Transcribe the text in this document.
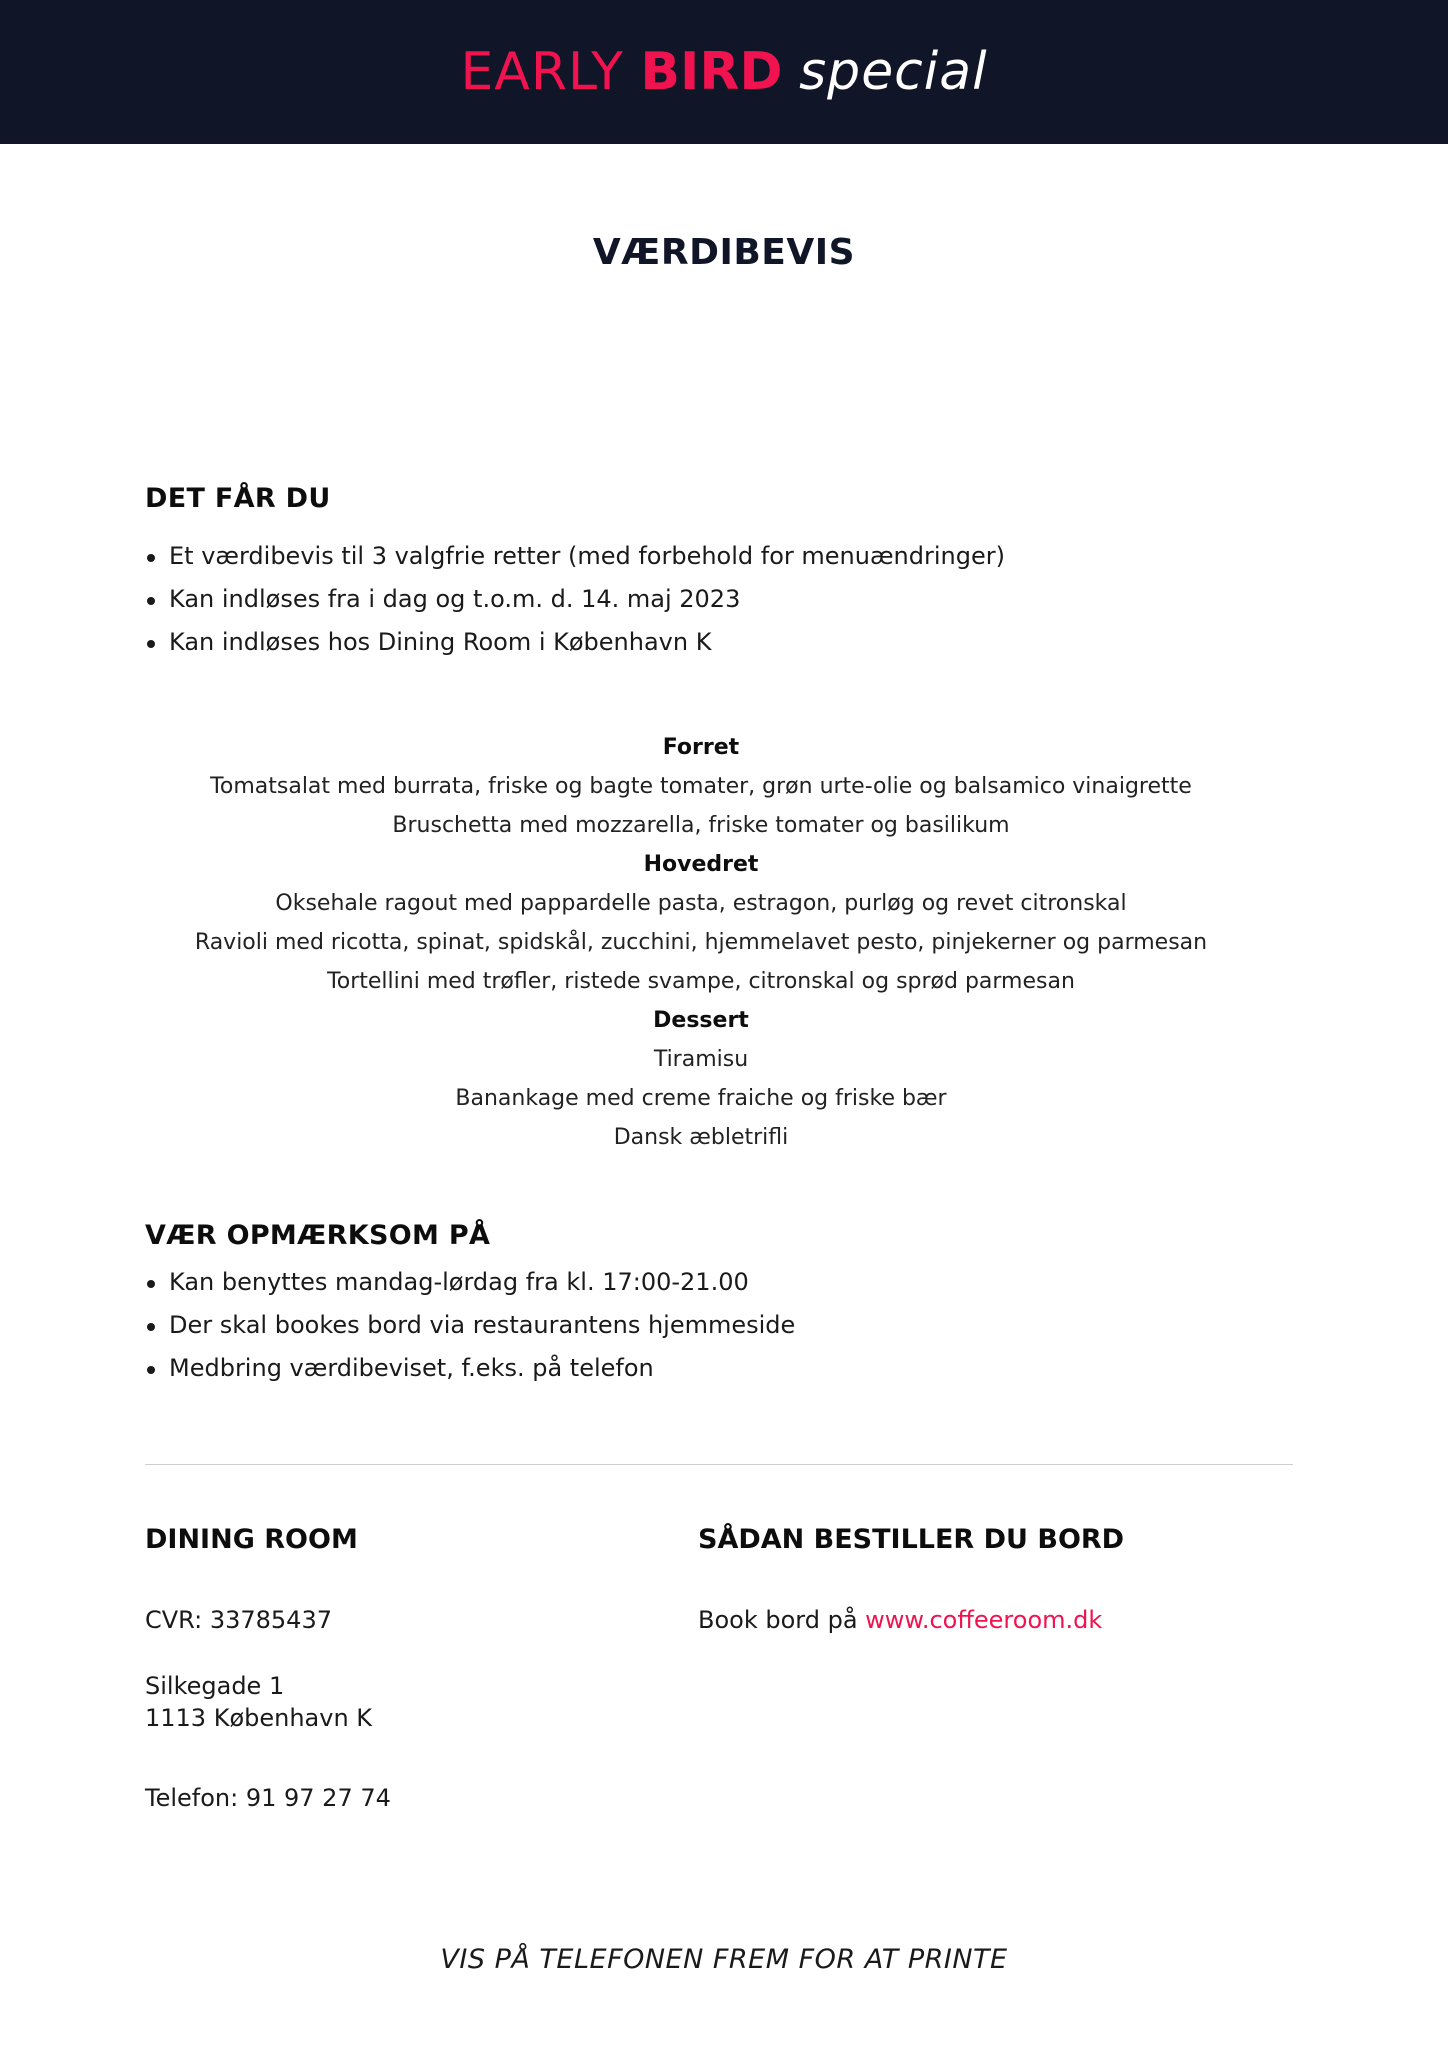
EARLY BIRD special
VÆRDIBEVIS
DET FÅR DU
Et værdibevis til 3 valgfrie retter (med forbehold for menuændringer)
Kan indløses fra i dag og t.o.m. d. 14. maj 2023
Kan indløses hos Dining Room i København K
Forret
Tomatsalat med burrata, friske og bagte tomater, grøn urte-olie og balsamico vinaigrette
Bruschetta med mozzarella, friske tomater og basilikum
Hovedret
Oksehale ragout med pappardelle pasta, estragon, purløg og revet citronskal
Ravioli med ricotta, spinat, spidskål, zucchini, hjemmelavet pesto, pinjekerner og parmesan
Tortellini med trøfler, ristede svampe, citronskal og sprød parmesan
Dessert
Tiramisu
Banankage med creme fraiche og friske bær
Dansk æbletrifli
VÆR OPMÆRKSOM PÅ
Kan benyttes mandag-lørdag fra kl. 17:00-21.00
Der skal bookes bord via restaurantens hjemmeside
Medbring værdibeviset, f.eks. på telefon
DINING ROOM
CVR: 33785437
Silkegade 1
1113 København K
Telefon: 91 97 27 74
SÅDAN BESTILLER DU BORD
Book bord på www.coffeeroom.dk
VIS PÅ TELEFONEN FREM FOR AT PRINTE
